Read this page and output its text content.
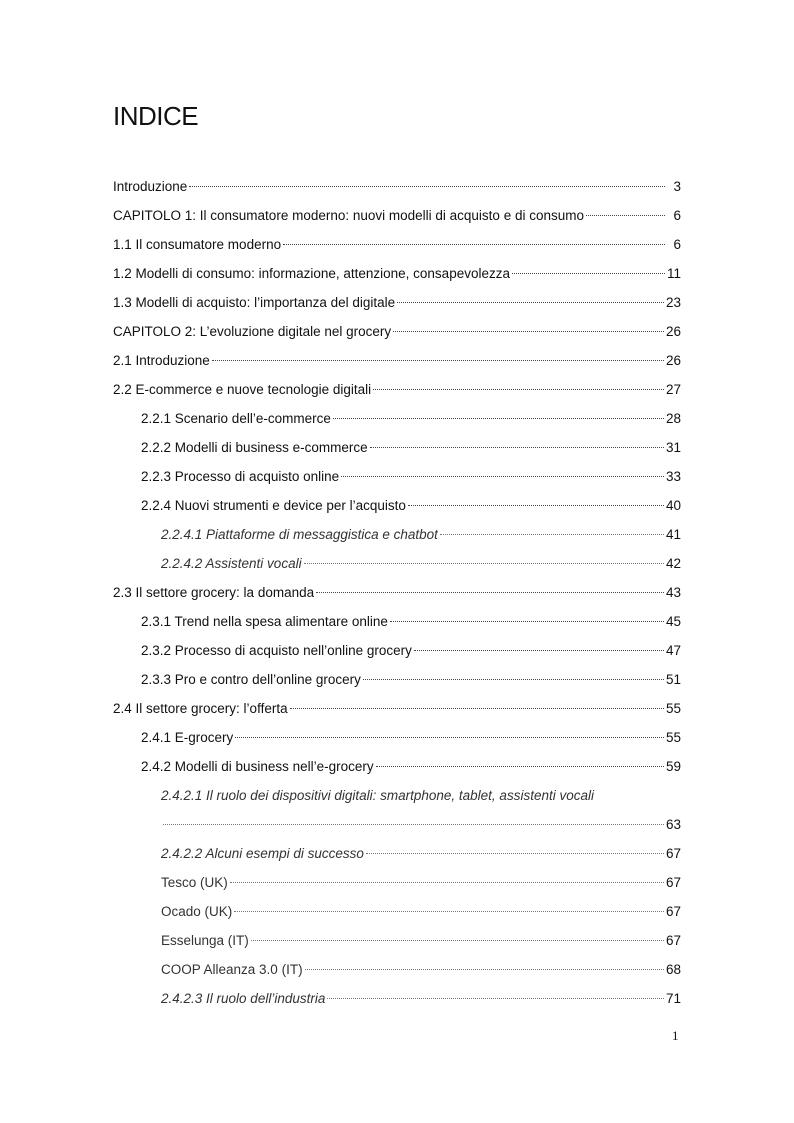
INDICE
Introduzione	3
CAPITOLO 1: Il consumatore moderno: nuovi modelli di acquisto e di consumo	6
1.1 Il consumatore moderno	6
1.2 Modelli di consumo: informazione, attenzione, consapevolezza	11
1.3 Modelli di acquisto: l’importanza del digitale	23
CAPITOLO 2: L’evoluzione digitale nel grocery	26
2.1 Introduzione	26
2.2 E-commerce e nuove tecnologie digitali	27
2.2.1 Scenario dell’e-commerce	28
2.2.2 Modelli di business e-commerce	31
2.2.3 Processo di acquisto online	33
2.2.4 Nuovi strumenti e device per l’acquisto	40
2.2.4.1 Piattaforme di messaggistica e chatbot	41
2.2.4.2 Assistenti vocali	42
2.3 Il settore grocery: la domanda	43
2.3.1 Trend nella spesa alimentare online	45
2.3.2 Processo di acquisto nell’online grocery	47
2.3.3 Pro e contro dell’online grocery	51
2.4 Il settore grocery: l’offerta	55
2.4.1 E-grocery	55
2.4.2 Modelli di business nell’e-grocery	59
2.4.2.1 Il ruolo dei dispositivi digitali: smartphone, tablet, assistenti vocali
63
2.4.2.2 Alcuni esempi di successo	67
Tesco (UK)	67
Ocado (UK)	67
Esselunga (IT)	67
COOP Alleanza 3.0 (IT)	68
2.4.2.3 Il ruolo dell’industria	71
1
